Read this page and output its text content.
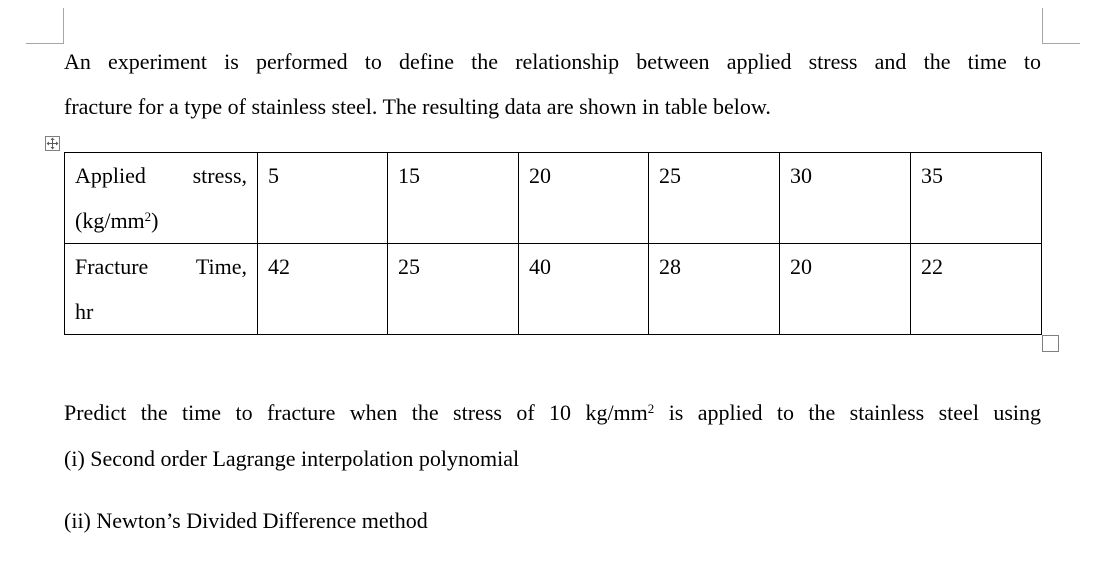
An experiment is performed to define the relationship between applied stress and the time to
fracture for a type of stainless steel. The resulting data are shown in table below.
Applied stress,
$(kg/mm^2)$	5	15	20	25	30	35

Fracture Time,
hr	42	25	40	28	20	22

Predict the time to fracture when the stress of 10 $kg/mm^2$ is applied to the stainless steel using

(i) Second order Lagrange interpolation polynomial

(ii) Newton’s Divided Difference method
